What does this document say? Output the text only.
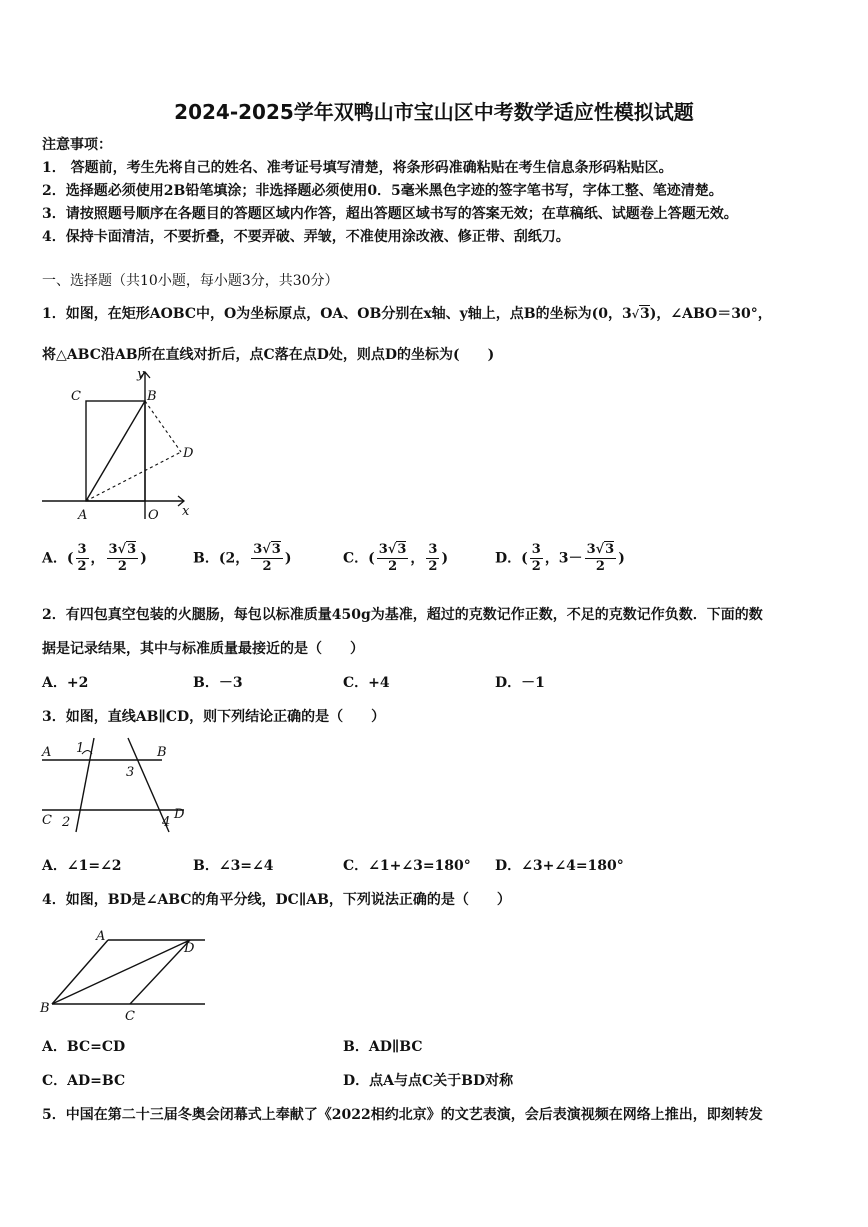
2024-2025学年双鸭山市宝山区中考数学适应性模拟试题
注意事项：
1． 答题前，考生先将自己的姓名、准考证号填写清楚，将条形码准确粘贴在考生信息条形码粘贴区。
2．选择题必须使用2B铅笔填涂；非选择题必须使用0．5毫米黑色字迹的签字笔书写，字体工整、笔迹清楚。
3．请按照题号顺序在各题目的答题区域内作答，超出答题区域书写的答案无效；在草稿纸、试题卷上答题无效。
4．保持卡面清洁，不要折叠，不要弄破、弄皱，不准使用涂改液、修正带、刮纸刀。
一、选择题（共10小题，每小题3分，共30分）
1．如图，在矩形AOBC中，O为坐标原点，OA、OB分别在x轴、y轴上，点B的坐标为(0，3√3)，∠ABO＝30°，
将△ABC沿AB所在直线对折后，点C落在点D处，则点D的坐标为(　　)
C	B
y
D
A	O x
A．( $\frac{3}{2}$ ， $\frac{3√3}{2}$ )	B．(2， $\frac{3√3}{2}$ )	C．( $\frac{3√3}{2}$ ， $\frac{3}{2}$ )	D．( $\frac{3}{2}$ ，$3- \frac{3√3}{2}$ )
2．有四包真空包装的火腿肠，每包以标准质量450g为基准，超过的克数记作正数，不足的克数记作负数．下面的数
据是记录结果，其中与标准质量最接近的是（　　）
A．+2	B．－3	C．+4	D．－1
3．如图，直线AB∥CD，则下列结论正确的是（　　）
A	B
C	D
1
2
3
4
A．∠1=∠2	B．∠3=∠4	C．∠1+∠3=180° D．∠3+∠4=180°
4．如图，BD是∠ABC的角平分线，DC∥AB，下列说法正确的是（　　）
A
D
B
C
A．BC=CD	B．AD∥BC
C．AD=BC	D．点A与点C关于BD对称
5．中国在第二十三届冬奥会闭幕式上奉献了《2022相约北京》的文艺表演，会后表演视频在网络上推出，即刻转发
